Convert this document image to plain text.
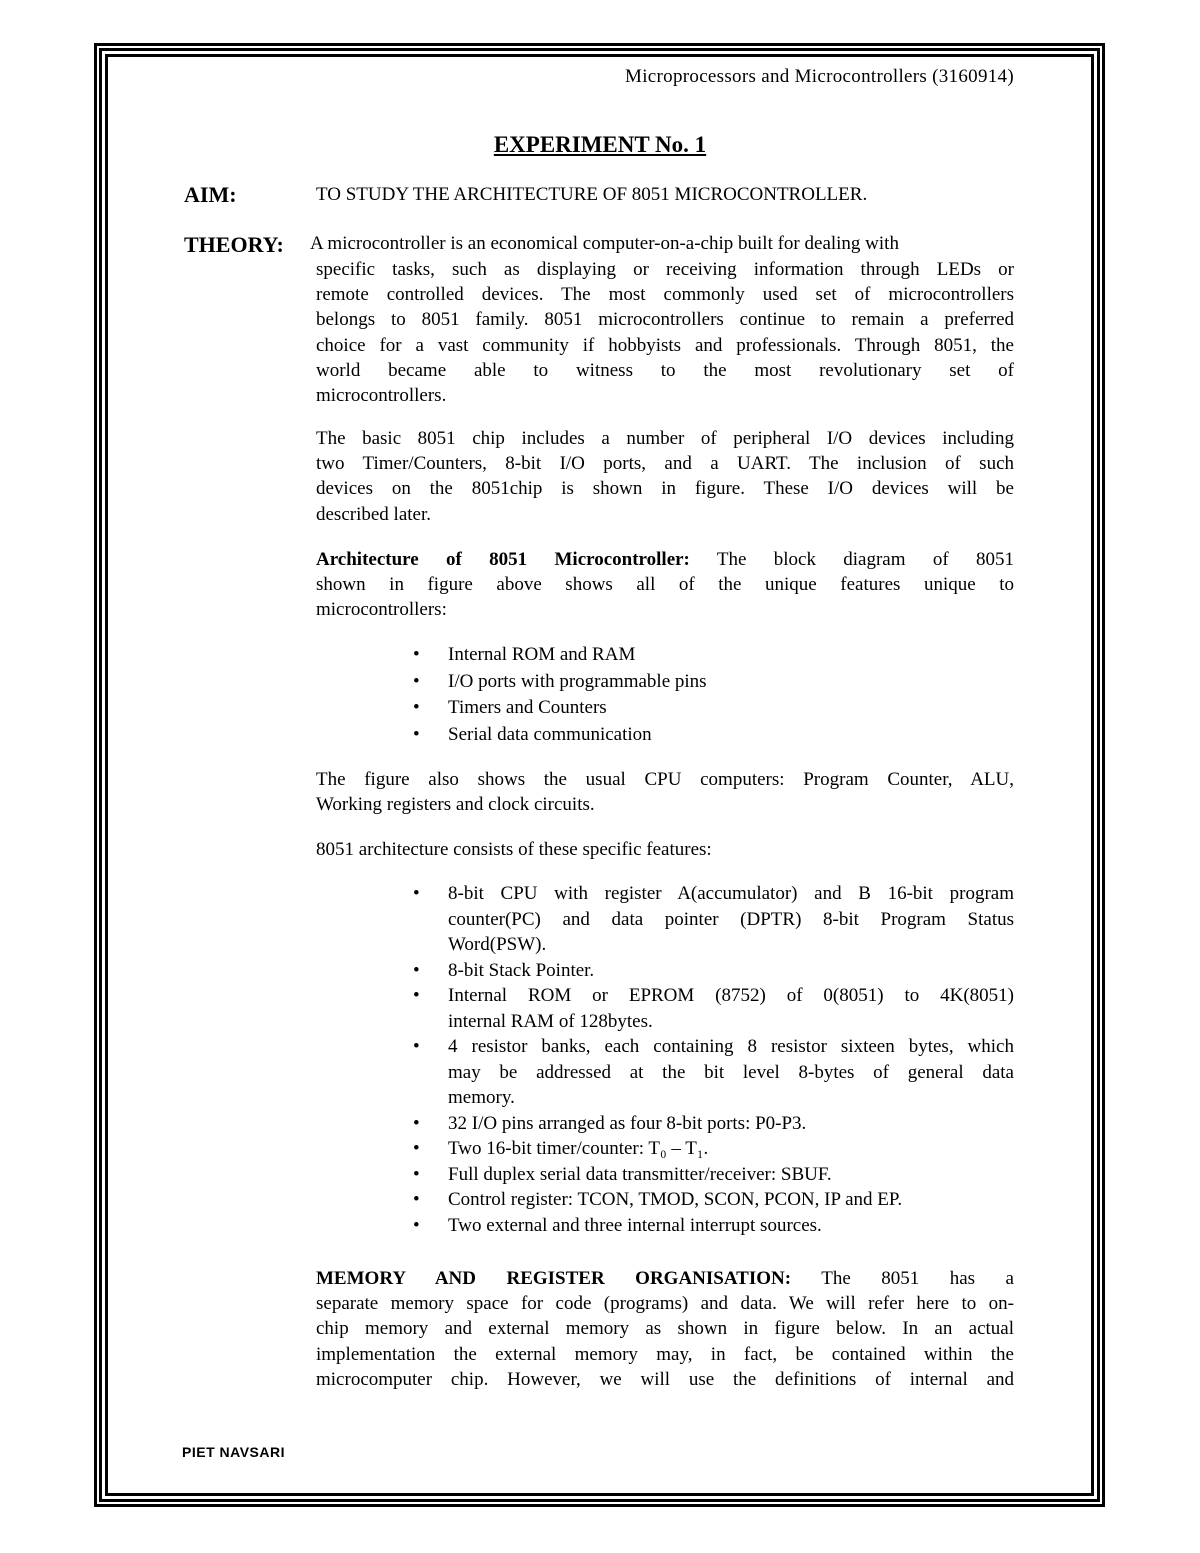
Microprocessors and Microcontrollers (3160914)
EXPERIMENT No. 1
AIM:	TO STUDY THE ARCHITECTURE OF 8051 MICROCONTROLLER.
THEORY: A microcontroller is an economical computer-on-a-chip built for dealing with
specific tasks, such as displaying or receiving information through LEDs or
remote controlled devices. The most commonly used set of microcontrollers
belongs to 8051 family. 8051 microcontrollers continue to remain a preferred
choice for a vast community if hobbyists and professionals. Through 8051, the
world became able to witness to the most revolutionary set of
microcontrollers.
The basic 8051 chip includes a number of peripheral I/O devices including
two Timer/Counters, 8-bit I/O ports, and a UART. The inclusion of such
devices on the 8051chip is shown in figure. These I/O devices will be
described later.
Architecture of 8051 Microcontroller: The block diagram of 8051
shown in figure above shows all of the unique features unique to
microcontrollers:
• Internal ROM and RAM
• I/O ports with programmable pins
• Timers and Counters
• Serial data communication
The figure also shows the usual CPU computers: Program Counter, ALU,
Working registers and clock circuits.
8051 architecture consists of these specific features:
• 8-bit CPU with register A(accumulator) and B 16-bit program
counter(PC) and data pointer (DPTR) 8-bit Program Status
Word(PSW).
• 8-bit Stack Pointer.
• Internal ROM or EPROM (8752) of 0(8051) to 4K(8051)
internal RAM of 128bytes.
• 4 resistor banks, each containing 8 resistor sixteen bytes, which
may be addressed at the bit level 8-bytes of general data
memory.
• 32 I/O pins arranged as four 8-bit ports: P0-P3.
• Two 16-bit timer/counter: T₀ – T₁.
• Full duplex serial data transmitter/receiver: SBUF.
• Control register: TCON, TMOD, SCON, PCON, IP and EP.
• Two external and three internal interrupt sources.
MEMORY AND REGISTER ORGANISATION: The 8051 has a
separate memory space for code (programs) and data. We will refer here to on-
chip memory and external memory as shown in figure below. In an actual
implementation the external memory may, in fact, be contained within the
microcomputer chip. However, we will use the definitions of internal and
PIET NAVSARI
